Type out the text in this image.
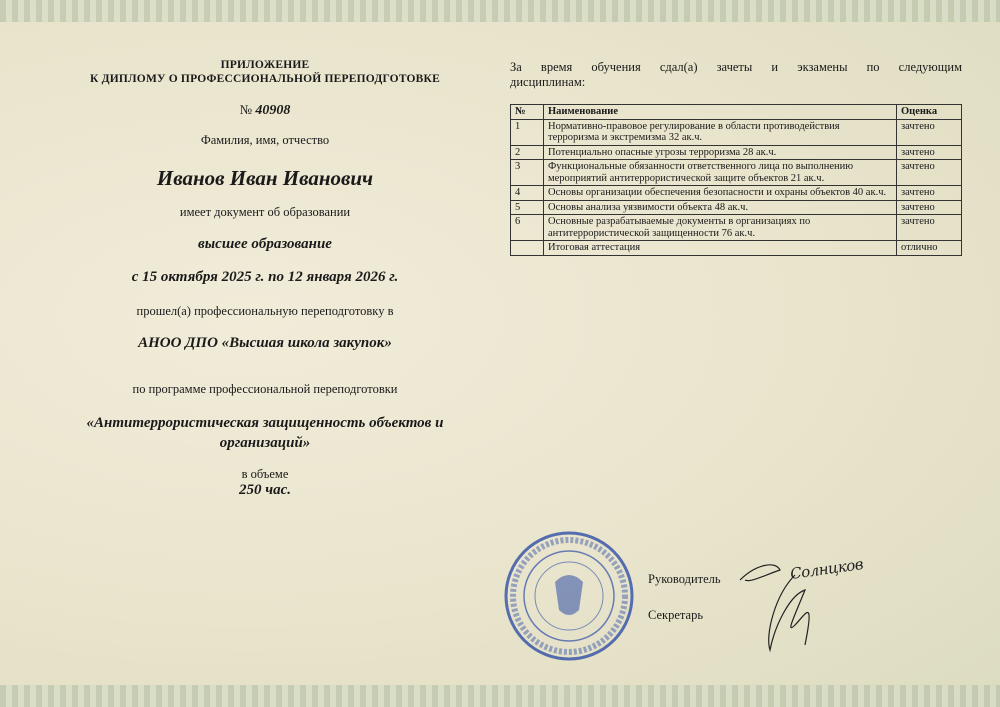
ПРИЛОЖЕНИЕ
К ДИПЛОМУ О ПРОФЕССИОНАЛЬНОЙ ПЕРЕПОДГОТОВКЕ
№ 40908
Фамилия, имя, отчество
Иванов Иван Иванович
имеет документ об образовании
высшее образование
с 15 октября 2025 г. по 12 января 2026 г.
прошел(а) профессиональную переподготовку в
АНОО ДПО «Высшая школа закупок»
по программе профессиональной переподготовки
«Антитеррористическая защищенность объектов и организаций»
в объеме
250 час.
За время обучения сдал(а) зачеты и экзамены по следующим
дисциплинам:
№	Наименование	Оценка
1	Нормативно-правовое регулирование в области противодействия терроризма и экстремизма 32 ак.ч.	зачтено
2	Потенциально опасные угрозы терроризма 28 ак.ч.	зачтено
3	Функциональные обязанности ответственного лица по выполнению мероприятий антитеррористической защите объектов 21 ак.ч.	зачтено
4	Основы организации обеспечения безопасности и охраны объектов 40 ак.ч.	зачтено
5	Основы анализа уязвимости объекта 48 ак.ч.	зачтено
6	Основные разрабатываемые документы в организациях по антитеррористической защищенности 76 ак.ч.	зачтено
	Итоговая аттестация	отлично
Руководитель
Секретарь
Солнцков
